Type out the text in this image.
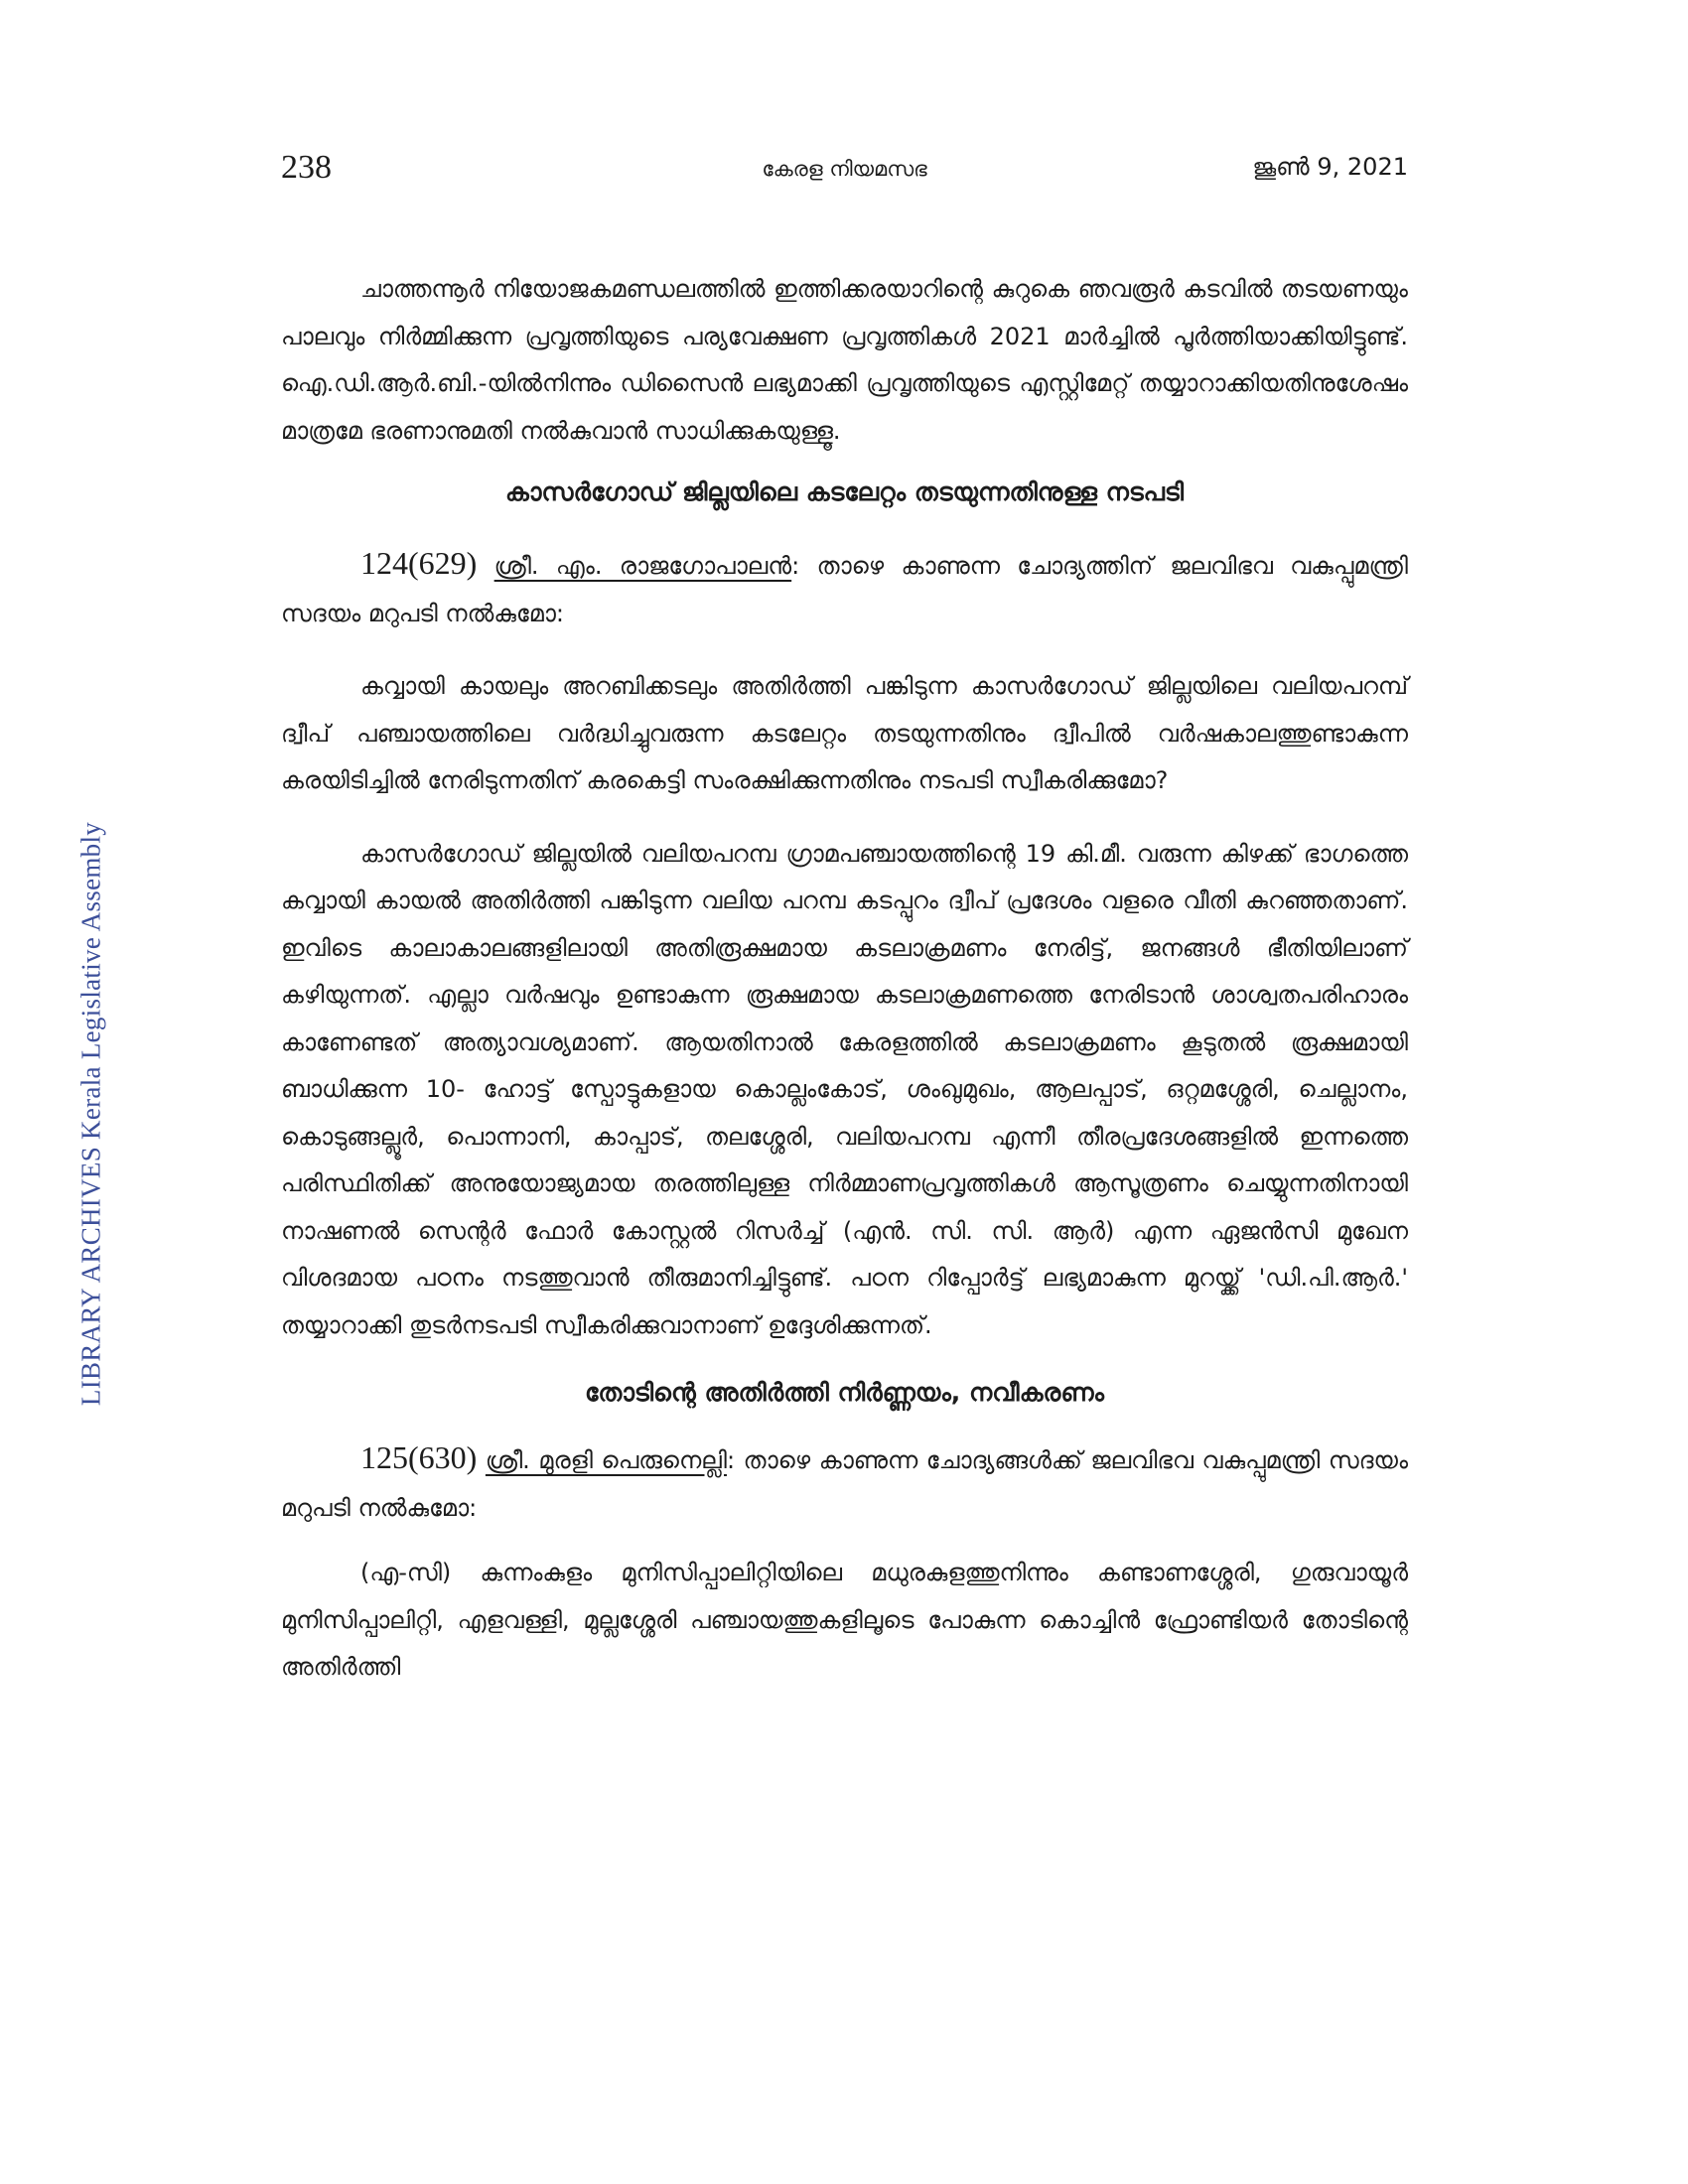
LIBRARY ARCHIVES Kerala Legislative Assembly
238	കേരള നിയമസഭ	ജൂൺ 9, 2021

ചാത്തന്നൂർ നിയോജകമണ്ഡലത്തിൽ ഇത്തിക്കരയാറിന്റെ കുറുകെ ഞവരൂർ കടവിൽ തടയണയും പാലവും നിർമ്മിക്കുന്ന പ്രവൃത്തിയുടെ പര്യവേക്ഷണ പ്രവൃത്തികൾ 2021 മാർച്ചിൽ പൂർത്തിയാക്കിയിട്ടുണ്ട്. ഐ.ഡി.ആർ.ബി.-യിൽനിന്നും ഡിസൈൻ ലഭ്യമാക്കി പ്രവൃത്തിയുടെ എസ്റ്റിമേറ്റ് തയ്യാറാക്കിയതിനുശേഷം മാത്രമേ ഭരണാനുമതി നൽകുവാൻ സാധിക്കുകയുള്ളൂ.

കാസർഗോഡ് ജില്ലയിലെ കടലേറ്റം തടയുന്നതിനുള്ള നടപടി

124(629) ശ്രീ. എം. രാജഗോപാലൻ: താഴെ കാണുന്ന ചോദ്യത്തിന് ജലവിഭവ വകുപ്പുമന്ത്രി സദയം മറുപടി നൽകുമോ:

കവ്വായി കായലും അറബിക്കടലും അതിർത്തി പങ്കിടുന്ന കാസർഗോഡ് ജില്ലയിലെ വലിയപറമ്പ് ദ്വീപ് പഞ്ചായത്തിലെ വർദ്ധിച്ചുവരുന്ന കടലേറ്റം തടയുന്നതിനും ദ്വീപിൽ വർഷകാലത്തുണ്ടാകുന്ന കരയിടിച്ചിൽ നേരിടുന്നതിന് കരകെട്ടി സംരക്ഷിക്കുന്നതിനും നടപടി സ്വീകരിക്കുമോ?

കാസർഗോഡ് ജില്ലയിൽ വലിയപറമ്പ ഗ്രാമപഞ്ചായത്തിന്റെ 19 കി.മീ. വരുന്ന കിഴക്ക് ഭാഗത്തെ കവ്വായി കായൽ അതിർത്തി പങ്കിടുന്ന വലിയ പറമ്പ കടപ്പുറം ദ്വീപ് പ്രദേശം വളരെ വീതി കുറഞ്ഞതാണ്. ഇവിടെ കാലാകാലങ്ങളിലായി അതിരൂക്ഷമായ കടലാക്രമണം നേരിട്ട്, ജനങ്ങൾ ഭീതിയിലാണ് കഴിയുന്നത്. എല്ലാ വർഷവും ഉണ്ടാകുന്ന രൂക്ഷമായ കടലാക്രമണത്തെ നേരിടാൻ ശാശ്വതപരിഹാരം കാണേണ്ടത് അത്യാവശ്യമാണ്. ആയതിനാൽ കേരളത്തിൽ കടലാക്രമണം കൂടുതൽ രൂക്ഷമായി ബാധിക്കുന്ന 10- ഹോട്ട് സ്പോട്ടുകളായ കൊല്ലംകോട്, ശംഖുമുഖം, ആലപ്പാട്, ഒറ്റമശ്ശേരി, ചെല്ലാനം, കൊടുങ്ങല്ലൂർ, പൊന്നാനി, കാപ്പാട്, തലശ്ശേരി, വലിയപറമ്പ എന്നീ തീരപ്രദേശങ്ങളിൽ ഇന്നത്തെ പരിസ്ഥിതിക്ക് അനുയോജ്യമായ തരത്തിലുള്ള നിർമ്മാണപ്രവൃത്തികൾ ആസൂത്രണം ചെയ്യുന്നതിനായി നാഷണൽ സെന്റർ ഫോർ കോസ്റ്റൽ റിസർച്ച് (എൻ. സി. സി. ആർ) എന്ന ഏജൻസി മുഖേന വിശദമായ പഠനം നടത്തുവാൻ തീരുമാനിച്ചിട്ടുണ്ട്. പഠന റിപ്പോർട്ട് ലഭ്യമാകുന്ന മുറയ്ക്ക് 'ഡി.പി.ആർ.' തയ്യാറാക്കി തുടർനടപടി സ്വീകരിക്കുവാനാണ് ഉദ്ദേശിക്കുന്നത്.

തോടിന്റെ അതിർത്തി നിർണ്ണയം, നവീകരണം

125(630) ശ്രീ. മുരളി പെരുനെല്ലി: താഴെ കാണുന്ന ചോദ്യങ്ങൾക്ക് ജലവിഭവ വകുപ്പുമന്ത്രി സദയം മറുപടി നൽകുമോ:

(എ-സി) കുന്നംകുളം മുനിസിപ്പാലിറ്റിയിലെ മധുരകുളത്തുനിന്നും കണ്ടാണശ്ശേരി, ഗുരുവായൂർ മുനിസിപ്പാലിറ്റി, എളവള്ളി, മുല്ലശ്ശേരി പഞ്ചായത്തുകളിലൂടെ പോകുന്ന കൊച്ചിൻ ഫ്രോണ്ടിയർ തോടിന്റെ അതിർത്തി
